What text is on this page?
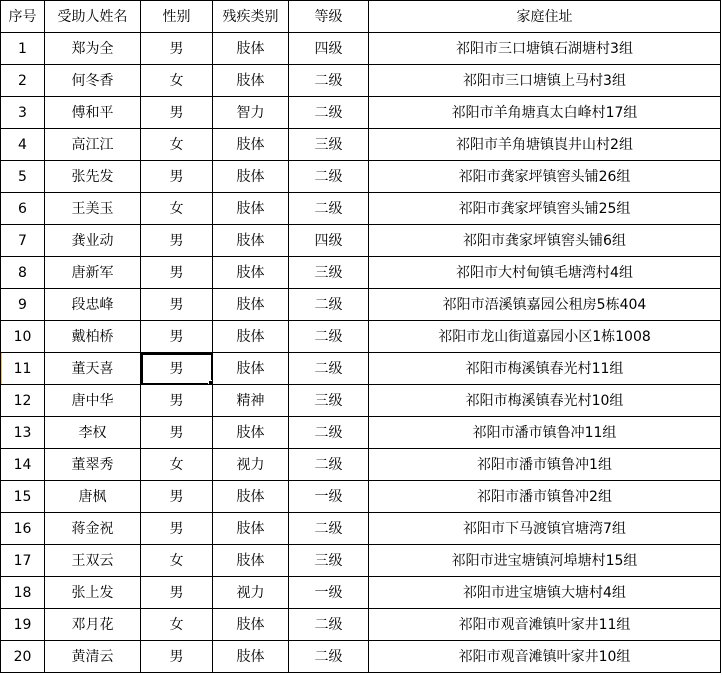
序号	受助人姓名	性别	残疾类别	等级	家庭住址
1	郑为全	男	肢体	四级	祁阳市三口塘镇石湖塘村3组
2	何冬香	女	肢体	二级	祁阳市三口塘镇上马村3组
3	傅和平	男	智力	二级	祁阳市羊角塘真太白峰村17组
4	高江江	女	肢体	三级	祁阳市羊角塘镇崀井山村2组
5	张先发	男	肢体	二级	祁阳市龚家坪镇窖头铺26组
6	王美玉	女	肢体	二级	祁阳市龚家坪镇窖头铺25组
7	龚业动	男	肢体	四级	祁阳市龚家坪镇窖头铺6组
8	唐新军	男	肢体	三级	祁阳市大村甸镇毛塘湾村4组
9	段忠峰	男	肢体	二级	祁阳市浯溪镇嘉园公租房5栋404
10	戴柏桥	男	肢体	二级	祁阳市龙山街道嘉园小区1栋1008
11	董天喜	男	肢体	二级	祁阳市梅溪镇春光村11组
12	唐中华	男	精神	三级	祁阳市梅溪镇春光村10组
13	李权	男	肢体	二级	祁阳市潘市镇鲁冲11组
14	董翠秀	女	视力	二级	祁阳市潘市镇鲁冲1组
15	唐枫	男	肢体	一级	祁阳市潘市镇鲁冲2组
16	蒋金祝	男	肢体	二级	祁阳市下马渡镇官塘湾7组
17	王双云	女	肢体	三级	祁阳市进宝塘镇河埠塘村15组
18	张上发	男	视力	一级	祁阳市进宝塘镇大塘村4组
19	邓月花	女	肢体	二级	祁阳市观音滩镇叶家井11组
20	黄清云	男	肢体	二级	祁阳市观音滩镇叶家井10组
